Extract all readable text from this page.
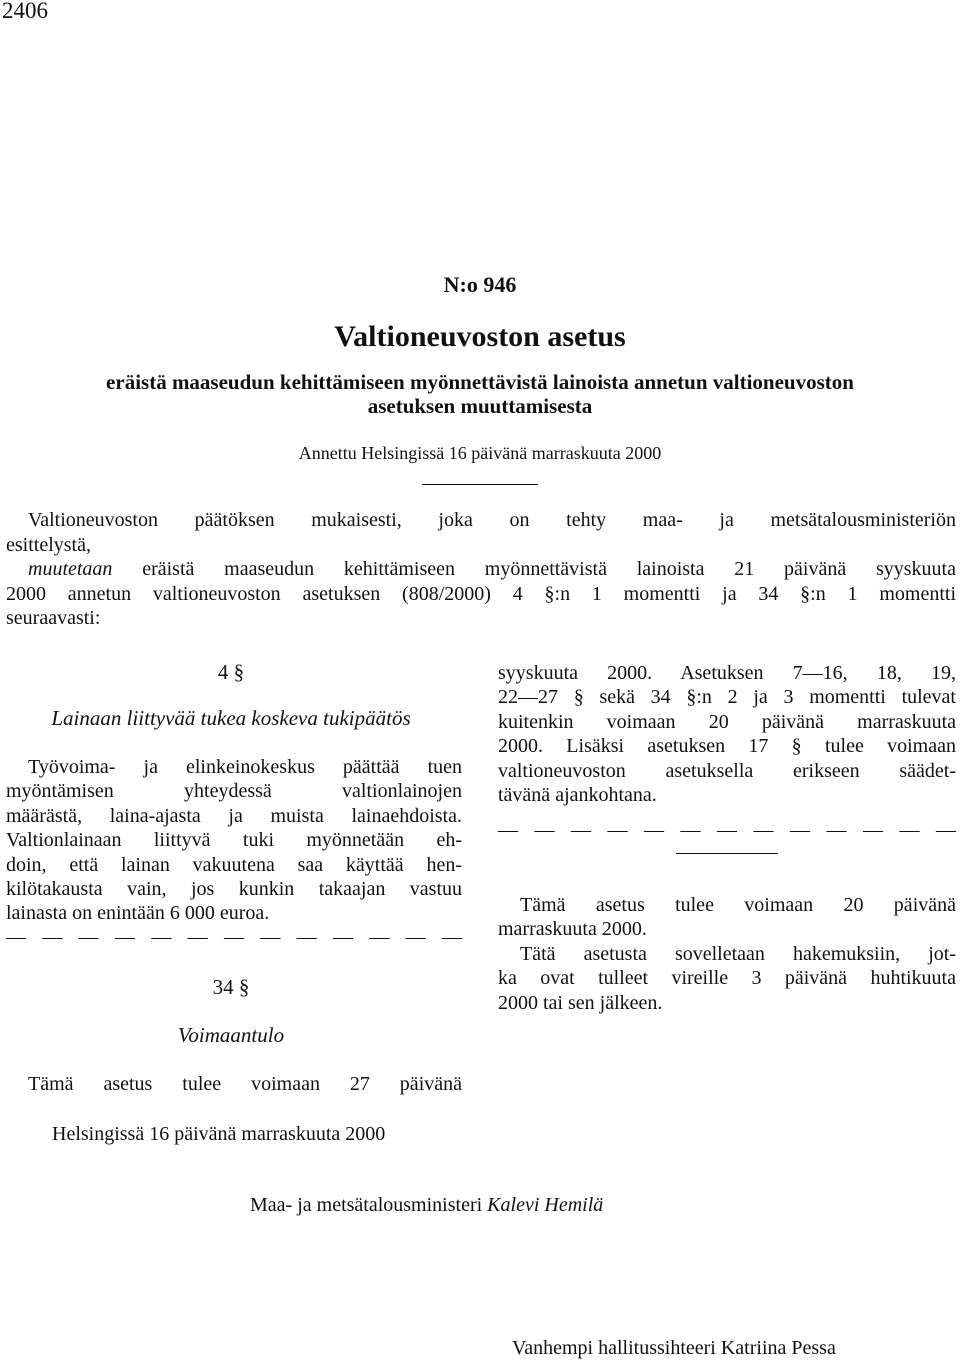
2406
N:o 946
Valtioneuvoston asetus
eräistä maaseudun kehittämiseen myönnettävistä lainoista annetun valtioneuvoston
asetuksen muuttamisesta
Annettu Helsingissä 16 päivänä marraskuuta 2000
Valtioneuvoston päätöksen mukaisesti, joka on tehty maa- ja metsätalousministeriön
esittelystä,
muutetaan eräistä maaseudun kehittämiseen myönnettävistä lainoista 21 päivänä syyskuuta
2000 annetun valtioneuvoston asetuksen (808/2000) 4 §:n 1 momentti ja 34 §:n 1 momentti
seuraavasti:
4 §
Lainaan liittyvää tukea koskeva tukipäätös
Työvoima- ja elinkeinokeskus päättää tuen
myöntämisen yhteydessä valtionlainojen
määrästä, laina-ajasta ja muista lainaehdoista.
Valtionlainaan liittyvä tuki myönnetään eh-
doin, että lainan vakuutena saa käyttää hen-
kilötakausta vain, jos kunkin takaajan vastuu
lainasta on enintään 6 000 euroa.
— — — — — — — — — — — — —
34 §
Voimaantulo
Tämä asetus tulee voimaan 27 päivänä
syyskuuta 2000. Asetuksen 7—16, 18, 19,
22—27 § sekä 34 §:n 2 ja 3 momentti tulevat
kuitenkin voimaan 20 päivänä marraskuuta
2000. Lisäksi asetuksen 17 § tulee voimaan
valtioneuvoston asetuksella erikseen säädet-
tävänä ajankohtana.
— — — — — — — — — — — — —
Tämä asetus tulee voimaan 20 päivänä
marraskuuta 2000.
Tätä asetusta sovelletaan hakemuksiin, jot-
ka ovat tulleet vireille 3 päivänä huhtikuuta
2000 tai sen jälkeen.
Helsingissä 16 päivänä marraskuuta 2000
Maa- ja metsätalousministeri Kalevi Hemilä
Vanhempi hallitussihteeri Katriina Pessa
